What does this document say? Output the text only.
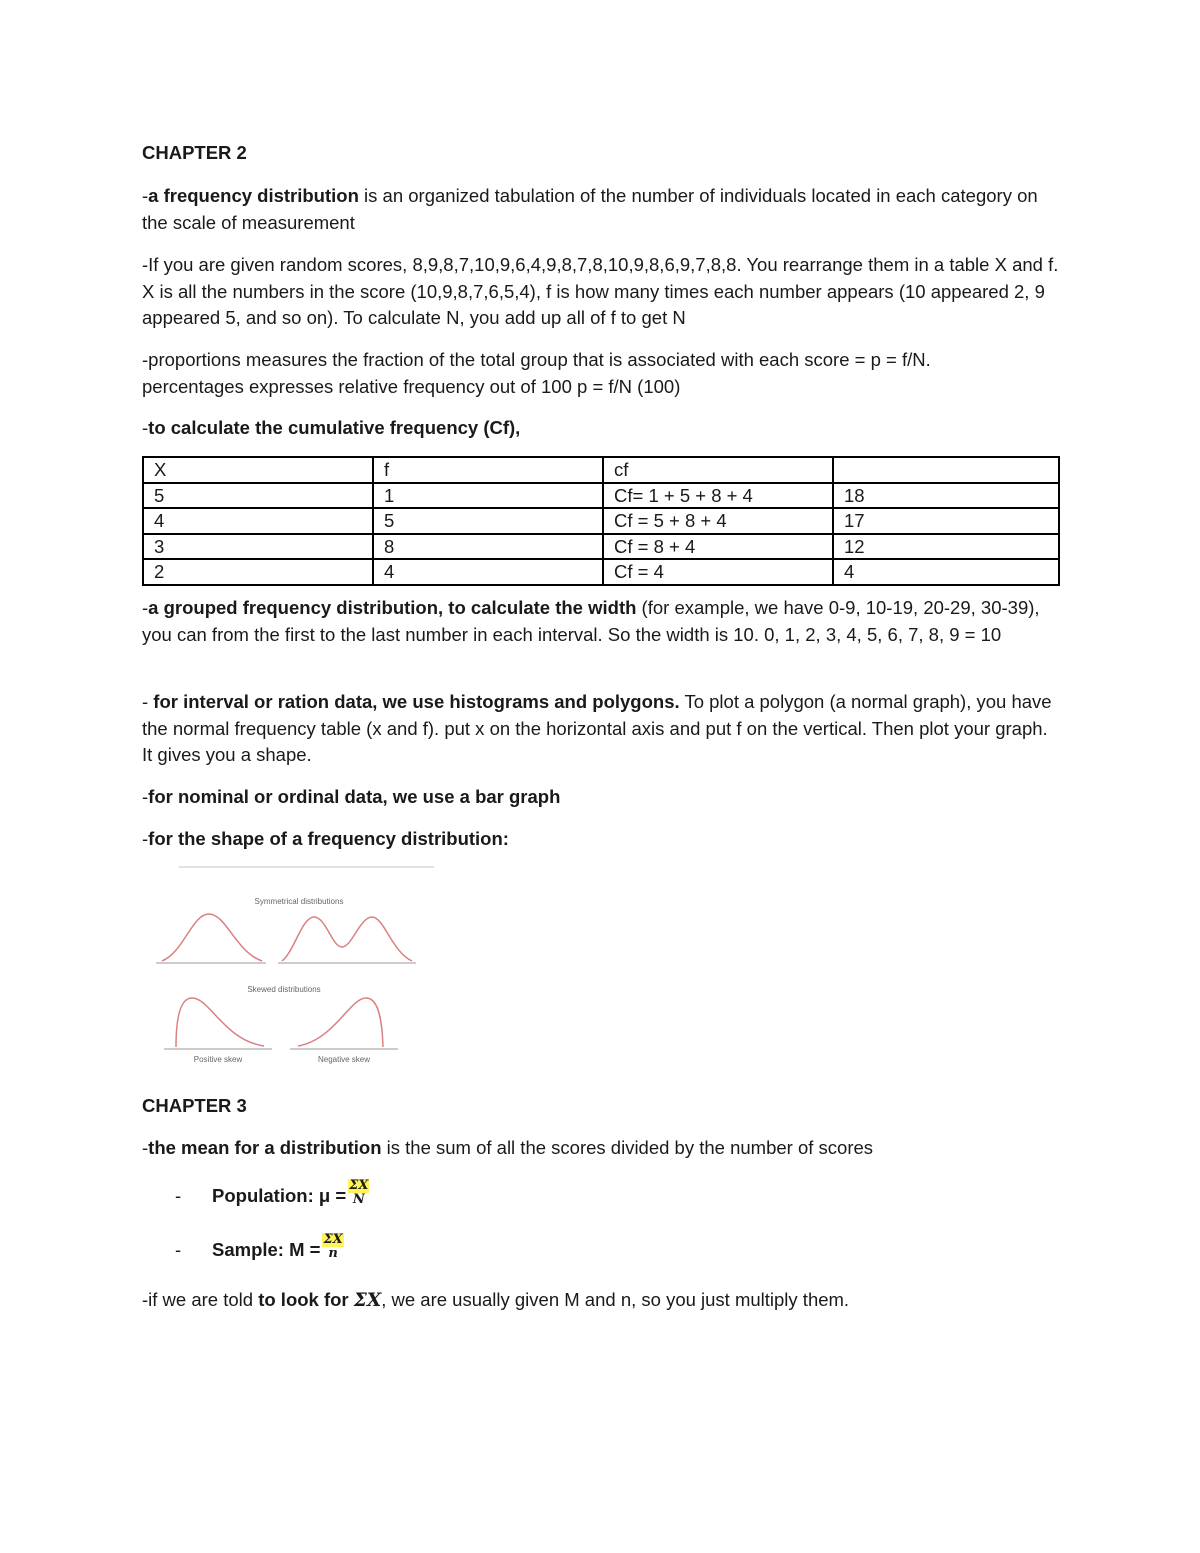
CHAPTER 2

-a frequency distribution is an organized tabulation of the number of individuals located in each category on the scale of measurement

-If you are given random scores, 8,9,8,7,10,9,6,4,9,8,7,8,10,9,8,6,9,7,8,8. You rearrange them in a table X and f. X is all the numbers in the score (10,9,8,7,6,5,4), f is how many times each number appears (10 appeared 2, 9 appeared 5, and so on). To calculate N, you add up all of f to get N

-proportions measures the fraction of the total group that is associated with each score = p = f/N.
percentages expresses relative frequency out of 100 p = f/N (100)

-to calculate the cumulative frequency (Cf),

X	f	cf	
5	1	Cf= 1 + 5 + 8 + 4	18
4	5	Cf = 5 + 8 + 4	17
3	8	Cf = 8 + 4	12
2	4	Cf = 4	4

-a grouped frequency distribution, to calculate the width (for example, we have 0-9, 10-19, 20-29, 30-39), you can from the first to the last number in each interval. So the width is 10. 0, 1, 2, 3, 4, 5, 6, 7, 8, 9 = 10

- for interval or ration data, we use histograms and polygons. To plot a polygon (a normal graph), you have the normal frequency table (x and f). put x on the horizontal axis and put f on the vertical. Then plot your graph. It gives you a shape.

-for nominal or ordinal data, we use a bar graph

-for the shape of a frequency distribution:

Symmetrical distributions
Skewed distributions
Positive skew	Negative skew

CHAPTER 3

-the mean for a distribution is the sum of all the scores divided by the number of scores

- Population: μ = ΣX
N
- Sample: M = ΣX
n

-if we are told to look for ΣX, we are usually given M and n, so you just multiply them.
